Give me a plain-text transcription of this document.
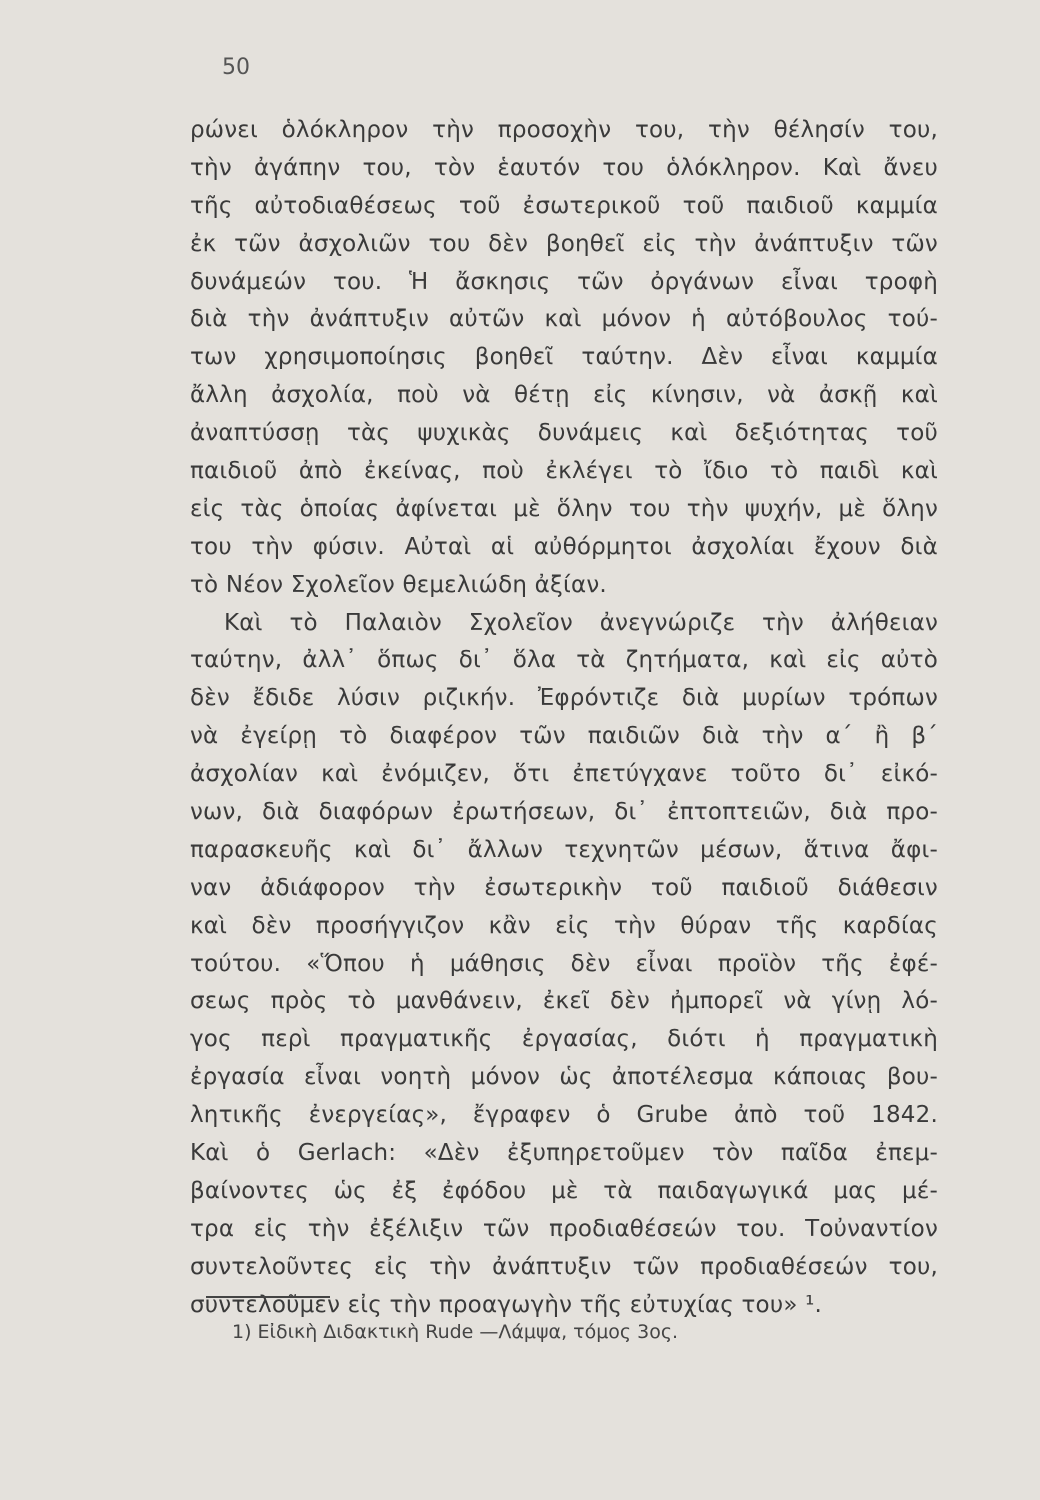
50
ρώνει ὁλόκληρον τὴν προσοχὴν του, τὴν θέλησίν του,
τὴν ἀγάπην του, τὸν ἑαυτόν του ὁλόκληρον. Καὶ ἄνευ
τῆς αὐτοδιαθέσεως τοῦ ἐσωτερικοῦ τοῦ παιδιοῦ καμμία
ἐκ τῶν ἀσχολιῶν του δὲν βοηθεῖ εἰς τὴν ἀνάπτυξιν τῶν
δυνάμεών του. Ἡ ἄσκησις τῶν ὀργάνων εἶναι τροφὴ
διὰ τὴν ἀνάπτυξιν αὐτῶν καὶ μόνον ἡ αὐτόβουλος τού-
των χρησιμοποίησις βοηθεῖ ταύτην. Δὲν εἶναι καμμία
ἄλλη ἀσχολία, ποὺ νὰ θέτῃ εἰς κίνησιν, νὰ ἀσκῇ καὶ
ἀναπτύσσῃ τὰς ψυχικὰς δυνάμεις καὶ δεξιότητας τοῦ
παιδιοῦ ἀπὸ ἐκείνας, ποὺ ἐκλέγει τὸ ἴδιο τὸ παιδὶ καὶ
εἰς τὰς ὁποίας ἀφίνεται μὲ ὅλην του τὴν ψυχήν, μὲ ὅλην
του τὴν φύσιν. Αὐταὶ αἱ αὐθόρμητοι ἀσχολίαι ἔχουν διὰ
τὸ Νέον Σχολεῖον θεμελιώδη ἀξίαν.
Καὶ τὸ Παλαιὸν Σχολεῖον ἀνεγνώριζε τὴν ἀλήθειαν
ταύτην, ἀλλ᾽ ὅπως δι᾽ ὅλα τὰ ζητήματα, καὶ εἰς αὐτὸ
δὲν ἔδιδε λύσιν ριζικήν. Ἐφρόντιζε διὰ μυρίων τρόπων
νὰ ἐγείρῃ τὸ διαφέρον τῶν παιδιῶν διὰ τὴν α΄ ἢ β΄
ἀσχολίαν καὶ ἐνόμιζεν, ὅτι ἐπετύγχανε τοῦτο δι᾽ εἰκό-
νων, διὰ διαφόρων ἐρωτήσεων, δι᾽ ἐπτοπτειῶν, διὰ προ-
παρασκευῆς καὶ δι᾽ ἄλλων τεχνητῶν μέσων, ἅτινα ἄφι-
ναν ἀδιάφορον τὴν ἐσωτερικὴν τοῦ παιδιοῦ διάθεσιν
καὶ δὲν προσήγγιζον κἂν εἰς τὴν θύραν τῆς καρδίας
τούτου. «Ὅπου ἡ μάθησις δὲν εἶναι προϊὸν τῆς ἐφέ-
σεως πρὸς τὸ μανθάνειν, ἐκεῖ δὲν ἠμπορεῖ νὰ γίνῃ λό-
γος περὶ πραγματικῆς ἐργασίας, διότι ἡ πραγματικὴ
ἐργασία εἶναι νοητὴ μόνον ὡς ἀποτέλεσμα κάποιας βου-
λητικῆς ἐνεργείας», ἔγραφεν ὁ Grube ἀπὸ τοῦ 1842.
Καὶ ὁ Gerlach: «Δὲν ἐξυπηρετοῦμεν τὸν παῖδα ἐπεμ-
βαίνοντες ὡς ἐξ ἐφόδου μὲ τὰ παιδαγωγικά μας μέ-
τρα εἰς τὴν ἐξέλιξιν τῶν προδιαθέσεών του. Τοὐναντίον
συντελοῦντες εἰς τὴν ἀνάπτυξιν τῶν προδιαθέσεών του,
συντελοῦμεν εἰς τὴν προαγωγὴν τῆς εὐτυχίας του» ¹.
1) Εἰδικὴ Διδακτικὴ Rude —Λάμψα, τόμος 3ος.
